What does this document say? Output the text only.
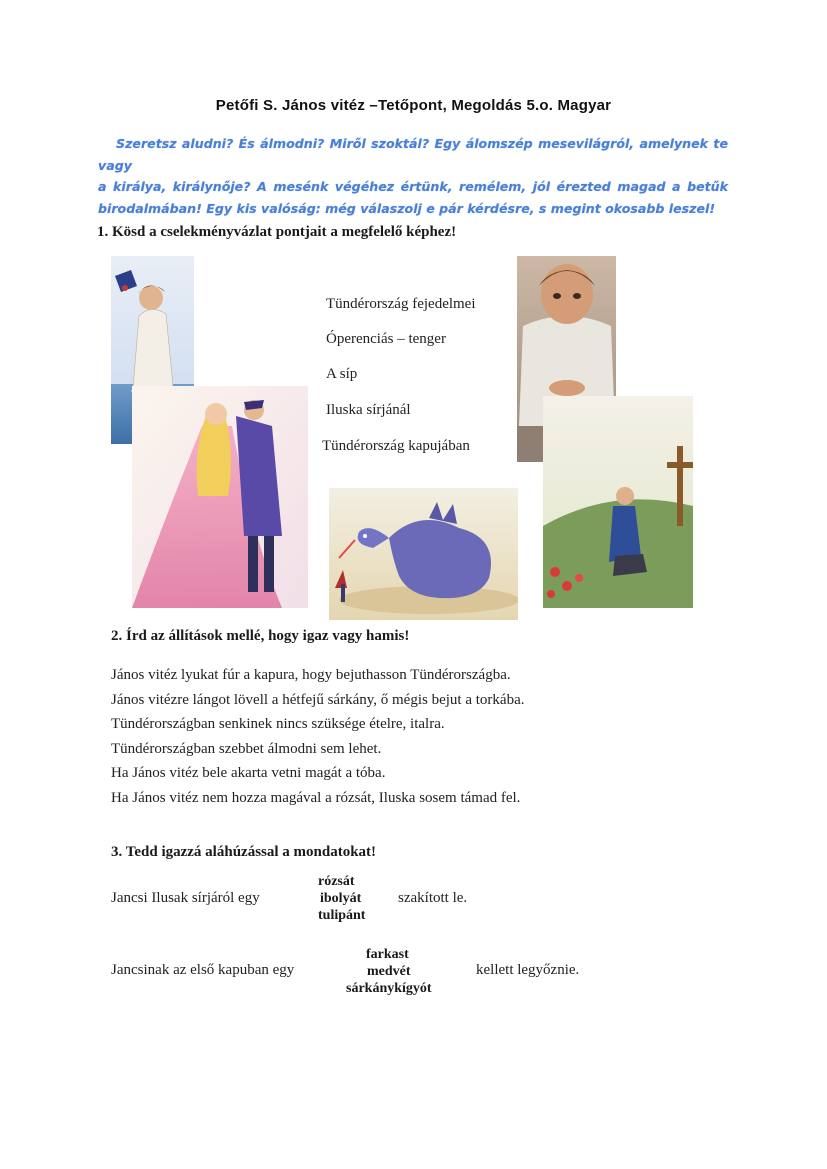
Petőfi S. János vitéz –Tetőpont, Megoldás 5.o. Magyar
Szeretsz aludni? És álmodni? Miről szoktál? Egy álomszép mesevilágról, amelynek te vagy
a királya, királynője? A mesénk végéhez értünk, remélem, jól érezted magad a betűk birodalmában! Egy kis valóság: még válaszolj e pár kérdésre, s megint okosabb leszel!
1. Kösd a cselekményvázlat pontjait a megfelelő képhez!
Tündérország fejedelmei
Óperenciás – tenger
A síp
Iluska sírjánál
Tündérország kapujában
2. Írd az állítások mellé, hogy igaz vagy hamis!
János vitéz lyukat fúr a kapura, hogy bejuthasson Tündérországba.
János vitézre lángot lövell a hétfejű sárkány, ő mégis bejut a torkába.
Tündérországban senkinek nincs szüksége ételre, italra.
Tündérországban szebbet álmodni sem lehet.
Ha János vitéz bele akarta vetni magát a tóba.
Ha János vitéz nem hozza magával a rózsát, Iluska sosem támad fel.
3. Tedd igazzá aláhúzással a mondatokat!
Jancsi Ilusak sírjáról egy
rózsát
ibolyát
tulipánt
szakított le.
Jancsinak az első kapuban egy
farkast
medvét
sárkánykígyót
kellett legyőznie.
